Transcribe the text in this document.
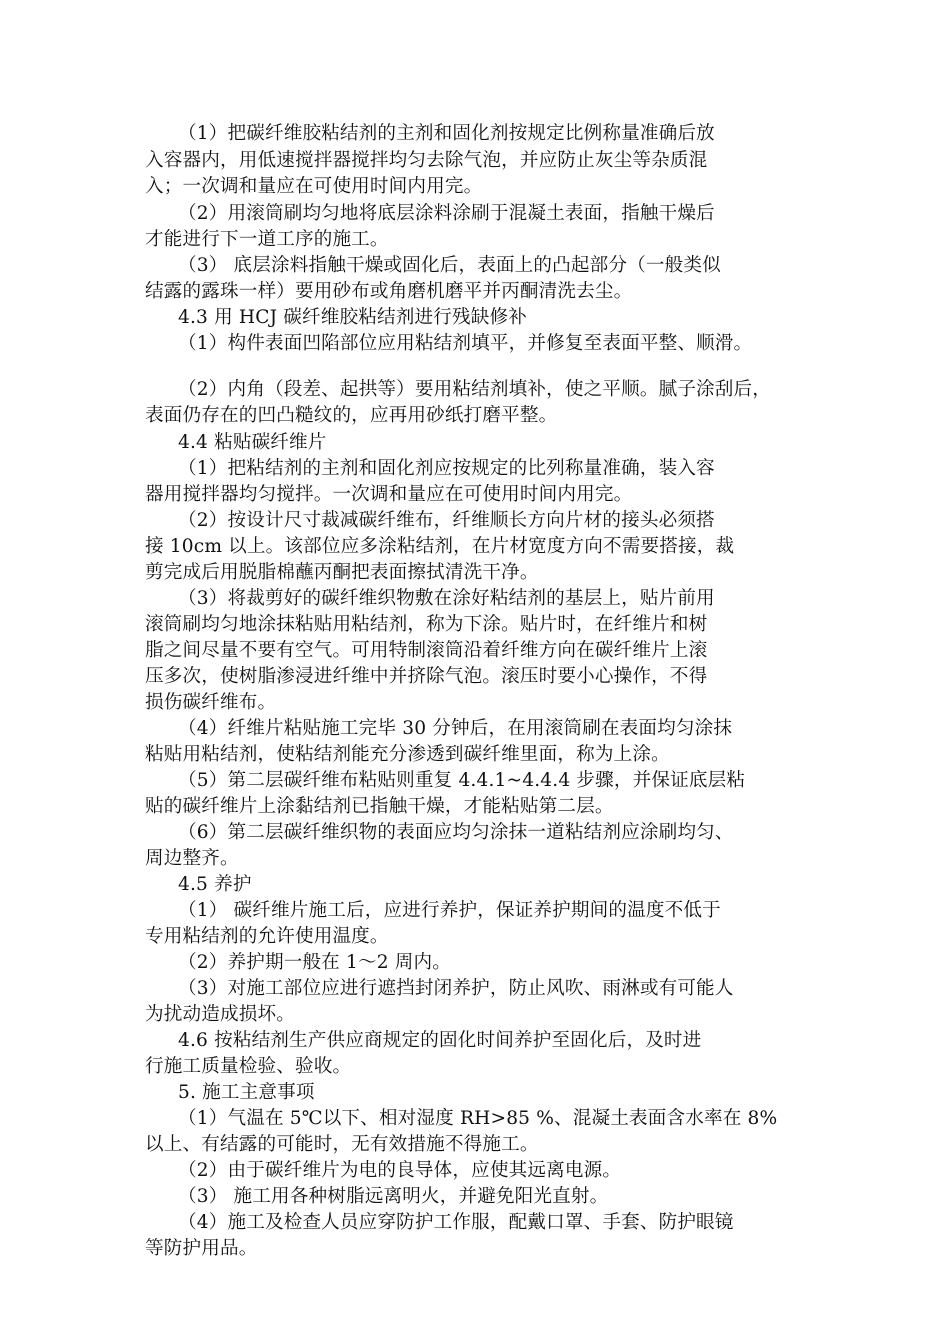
（1）把碳纤维胶粘结剂的主剂和固化剂按规定比例称量准确后放
入容器内，用低速搅拌器搅拌均匀去除气泡，并应防止灰尘等杂质混
入；一次调和量应在可使用时间内用完。
（2）用滚筒刷均匀地将底层涂料涂刷于混凝土表面，指触干燥后
才能进行下一道工序的施工。
（3） 底层涂料指触干燥或固化后，表面上的凸起部分（一般类似
结露的露珠一样）要用砂布或角磨机磨平并丙酮清洗去尘。
4.3 用 HCJ 碳纤维胶粘结剂进行残缺修补
（1）构件表面凹陷部位应用粘结剂填平，并修复至表面平整、顺滑。
（2）内角（段差、起拱等）要用粘结剂填补，使之平顺。腻子涂刮后，
表面仍存在的凹凸糙纹的，应再用砂纸打磨平整。
4.4 粘贴碳纤维片
（1）把粘结剂的主剂和固化剂应按规定的比列称量准确，装入容
器用搅拌器均匀搅拌。一次调和量应在可使用时间内用完。
（2）按设计尺寸裁减碳纤维布，纤维顺长方向片材的接头必须搭
接 10cm 以上。该部位应多涂粘结剂，在片材宽度方向不需要搭接，裁
剪完成后用脱脂棉蘸丙酮把表面擦拭清洗干净。
（3）将裁剪好的碳纤维织物敷在涂好粘结剂的基层上，贴片前用
滚筒刷均匀地涂抹粘贴用粘结剂，称为下涂。贴片时，在纤维片和树
脂之间尽量不要有空气。可用特制滚筒沿着纤维方向在碳纤维片上滚
压多次，使树脂渗浸进纤维中并挤除气泡。滚压时要小心操作，不得
损伤碳纤维布。
（4）纤维片粘贴施工完毕 30 分钟后，在用滚筒刷在表面均匀涂抹
粘贴用粘结剂，使粘结剂能充分渗透到碳纤维里面，称为上涂。
（5）第二层碳纤维布粘贴则重复 4.4.1~4.4.4 步骤，并保证底层粘
贴的碳纤维片上涂黏结剂已指触干燥，才能粘贴第二层。
（6）第二层碳纤维织物的表面应均匀涂抹一道粘结剂应涂刷均匀、
周边整齐。
4.5 养护
（1） 碳纤维片施工后，应进行养护，保证养护期间的温度不低于
专用粘结剂的允许使用温度。
（2）养护期一般在 1～2 周内。
（3）对施工部位应进行遮挡封闭养护，防止风吹、雨淋或有可能人
为扰动造成损坏。
4.6 按粘结剂生产供应商规定的固化时间养护至固化后，及时进
行施工质量检验、验收。
5. 施工主意事项
（1）气温在 5℃以下、相对湿度 RH>85 %、混凝土表面含水率在 8%
以上、有结露的可能时，无有效措施不得施工。
（2）由于碳纤维片为电的良导体，应使其远离电源。
（3） 施工用各种树脂远离明火，并避免阳光直射。
（4）施工及检查人员应穿防护工作服，配戴口罩、手套、防护眼镜
等防护用品。
